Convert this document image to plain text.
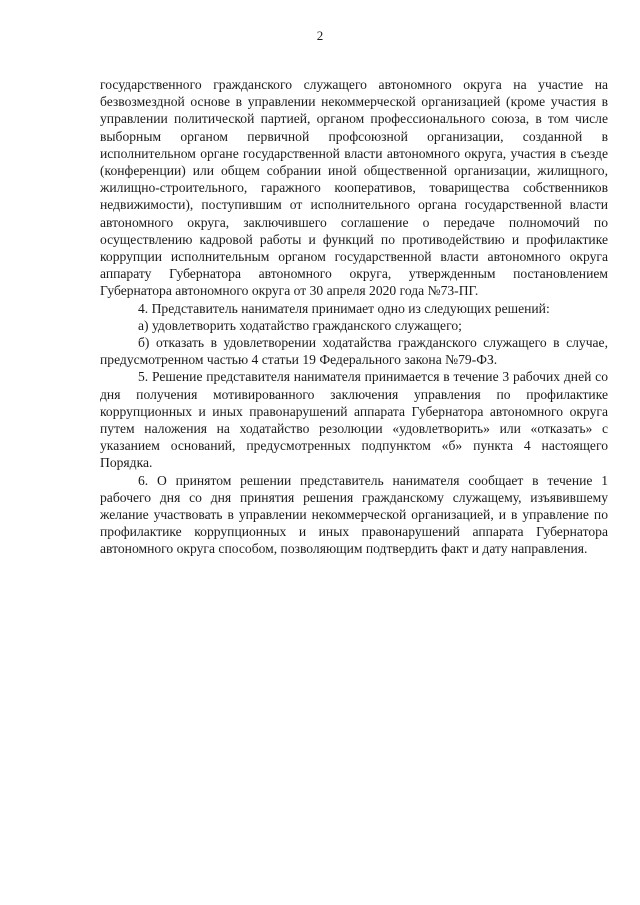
2

государственного гражданского служащего автономного округа на участие на безвозмездной основе в управлении некоммерческой организацией (кроме участия в управлении политической партией, органом профессионального союза, в том числе выборным органом первичной профсоюзной организации, созданной в исполнительном органе государственной власти автономного округа, участия в съезде (конференции) или общем собрании иной общественной организации, жилищного, жилищно-строительного, гаражного кооперативов, товарищества собственников недвижимости), поступившим от исполнительного органа государственной власти автономного округа, заключившего соглашение о передаче полномочий по осуществлению кадровой работы и функций по противодействию и профилактике коррупции исполнительным органом государственной власти автономного округа аппарату Губернатора автономного округа, утвержденным постановлением Губернатора автономного округа от 30 апреля 2020 года №73-ПГ.

4. Представитель нанимателя принимает одно из следующих решений:

а) удовлетворить ходатайство гражданского служащего;

б) отказать в удовлетворении ходатайства гражданского служащего в случае, предусмотренном частью 4 статьи 19 Федерального закона №79-ФЗ.

5. Решение представителя нанимателя принимается в течение 3 рабочих дней со дня получения мотивированного заключения управления по профилактике коррупционных и иных правонарушений аппарата Губернатора автономного округа путем наложения на ходатайство резолюции «удовлетворить» или «отказать» с указанием оснований, предусмотренных подпунктом «б» пункта 4 настоящего Порядка.

6. О принятом решении представитель нанимателя сообщает в течение 1 рабочего дня со дня принятия решения гражданскому служащему, изъявившему желание участвовать в управлении некоммерческой организацией, и в управление по профилактике коррупционных и иных правонарушений аппарата Губернатора автономного округа способом, позволяющим подтвердить факт и дату направления.
